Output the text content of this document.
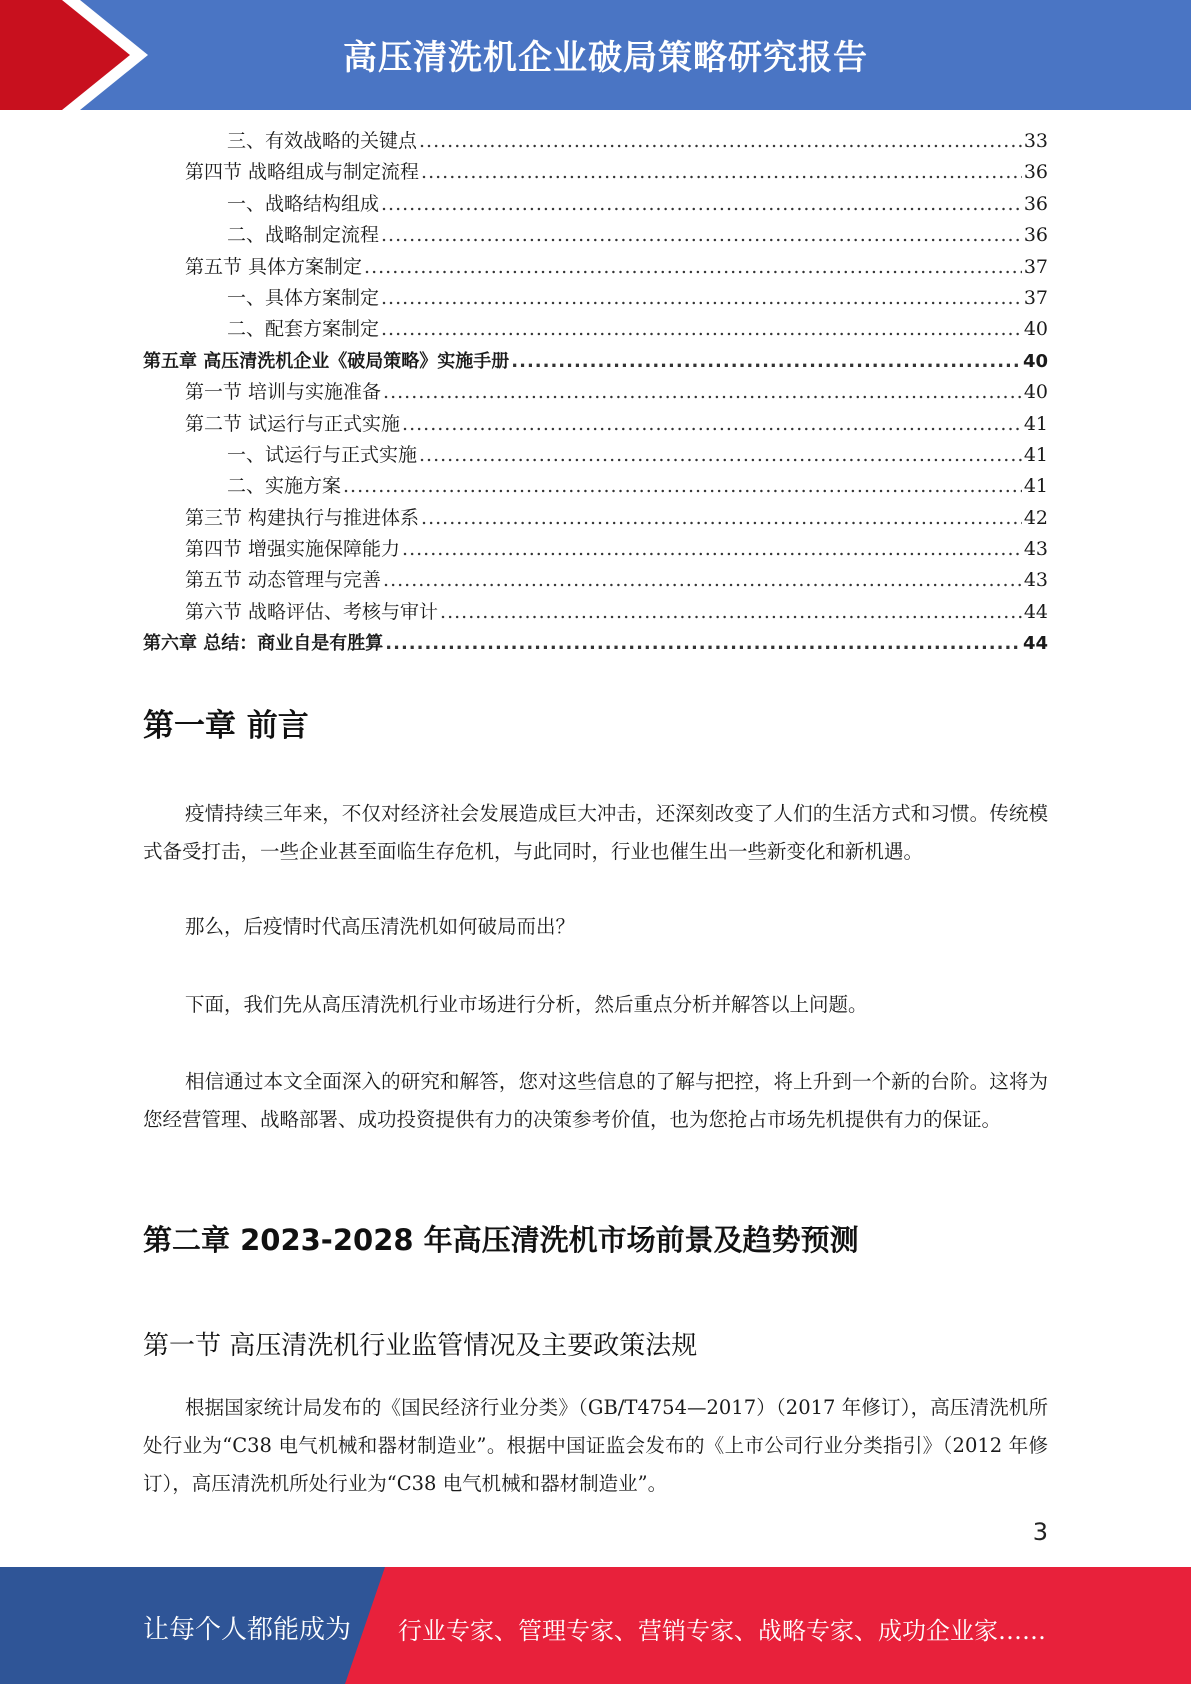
高压清洗机企业破局策略研究报告
三、有效战略的关键点 .....	33
第四节 战略组成与制定流程 .....	36
一、战略结构组成 .....	36
二、战略制定流程 .....	36
第五节 具体方案制定 .....	37
一、具体方案制定 .....	37
二、配套方案制定 .....	40
第五章 高压清洗机企业《破局策略》实施手册 .....	40
第一节 培训与实施准备 .....	40
第二节 试运行与正式实施 .....	41
一、试运行与正式实施 .....	41
二、实施方案 .....	41
第三节 构建执行与推进体系 .....	42
第四节 增强实施保障能力 .....	43
第五节 动态管理与完善 .....	43
第六节 战略评估、考核与审计 .....	44
第六章 总结：商业自是有胜算 .....	44
第一章 前言
疫情持续三年来，不仅对经济社会发展造成巨大冲击，还深刻改变了人们的生活方式和习惯。传统模式备受打击，一些企业甚至面临生存危机，与此同时，行业也催生出一些新变化和新机遇。
那么，后疫情时代高压清洗机如何破局而出？
下面，我们先从高压清洗机行业市场进行分析，然后重点分析并解答以上问题。
相信通过本文全面深入的研究和解答，您对这些信息的了解与把控，将上升到一个新的台阶。这将为您经营管理、战略部署、成功投资提供有力的决策参考价值，也为您抢占市场先机提供有力的保证。
第二章 2023-2028 年高压清洗机市场前景及趋势预测
第一节 高压清洗机行业监管情况及主要政策法规
根据国家统计局发布的《国民经济行业分类》（GB/T4754—2017）（2017 年修订），高压清洗机所处行业为“C38 电气机械和器材制造业”。根据中国证监会发布的《上市公司行业分类指引》（2012 年修订），高压清洗机所处行业为“C38 电气机械和器材制造业”。
3
让每个人都能成为 行业专家、管理专家、营销专家、战略专家、成功企业家……
